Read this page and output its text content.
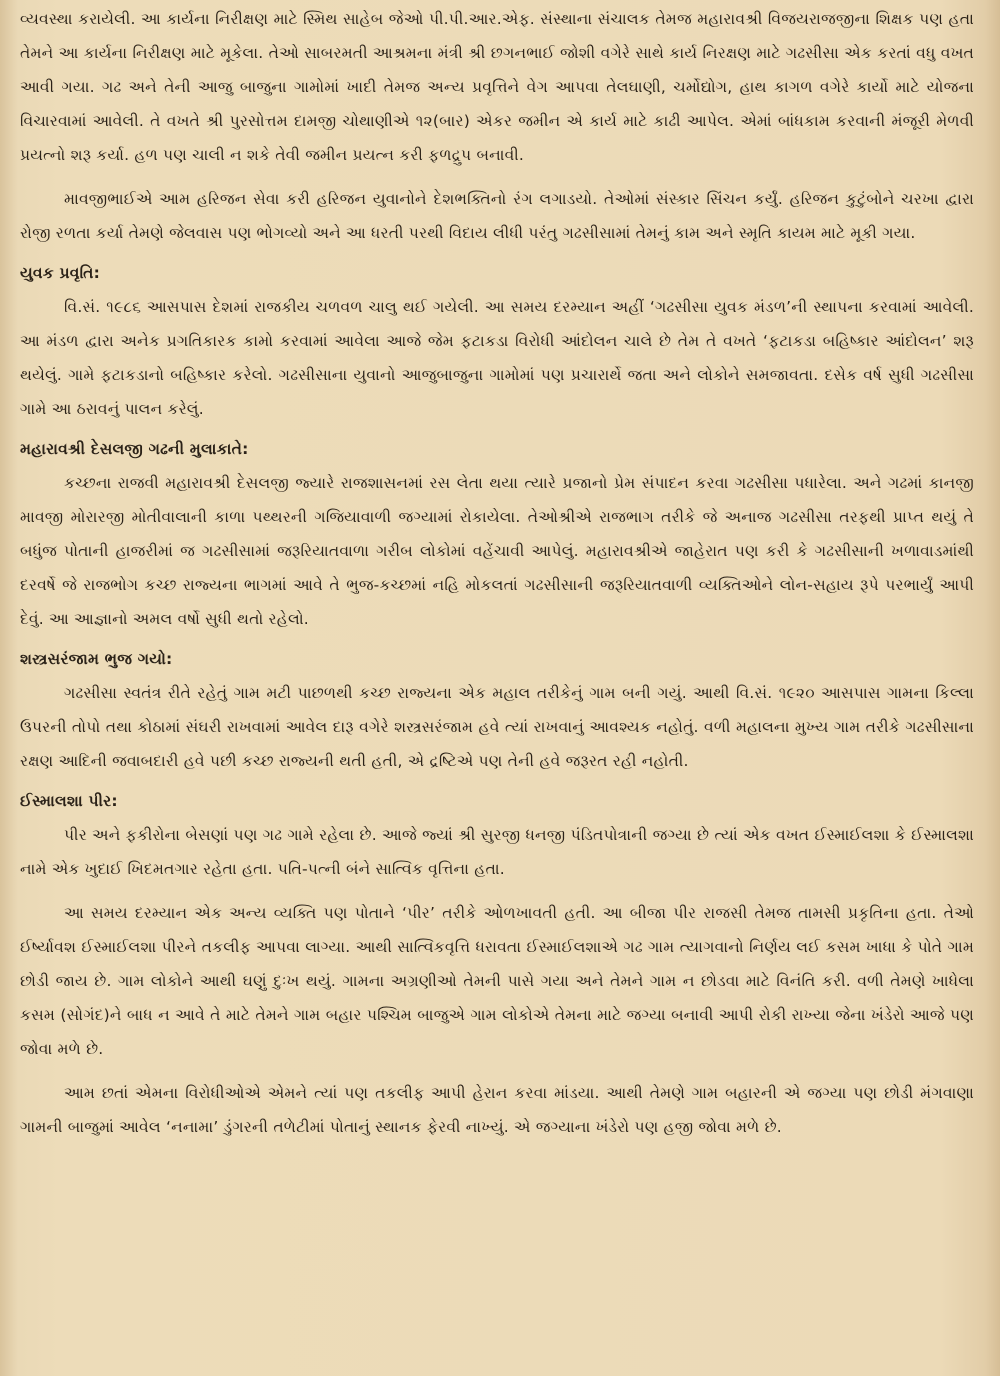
વ્યવસ્થા કરાયેલી. આ કાર્યના નિરીક્ષણ માટે સ્મિથ સાહેબ જેઓ પી.પી.આર.એફ. સંસ્થાના સંચાલક તેમજ મહારાવશ્રી વિજયરાજજીના શિક્ષક પણ હતા તેમને આ કાર્યના નિરીક્ષણ માટે મૂકેલા. તેઓ સાબરમતી આશ્રમના મંત્રી શ્રી છગનભાઈ જોશી વગેરે સાથે કાર્ય નિરક્ષણ માટે ગઢસીસા એક કરતાં વધુ વખત આવી ગયા. ગઢ અને તેની આજુ બાજુના ગામોમાં ખાદી તેમજ અન્ય પ્રવૃત્તિને વેગ આપવા તેલઘાણી, ચર્મોદ્યોગ, હાથ કાગળ વગેરે કાર્યો માટે યોજના વિચારવામાં આવેલી. તે વખતે શ્રી પુરસોત્તમ દામજી ચોથાણીએ ૧૨(બાર) એકર જમીન એ કાર્ય માટે કાઢી આપેલ. એમાં બાંધકામ કરવાની મંજૂરી મેળવી પ્રયત્નો શરૂ કર્યા. હળ પણ ચાલી ન શકે તેવી જમીન પ્રયત્ન કરી ફળદ્રુપ બનાવી.

માવજીભાઈએ આમ હરિજન સેવા કરી હરિજન યુવાનોને દેશભક્તિનો રંગ લગાડયો. તેઓમાં સંસ્કાર સિંચન કર્યું. હરિજન કુટુંબોને ચરખા દ્વારા રોજી રળતા કર્યા તેમણે જેલવાસ પણ ભોગવ્યો અને આ ધરતી પરથી વિદાય લીધી પરંતુ ગઢસીસામાં તેમનું કામ અને સ્મૃતિ કાયમ માટે મૂકી ગયા.

યુવક પ્રવૃતિ:

વિ.સં. ૧૯૮૬ આસપાસ દેશમાં રાજકીય ચળવળ ચાલુ થઈ ગયેલી. આ સમય દરમ્યાન અહીં ‘ગઢસીસા યુવક મંડળ’ની સ્થાપના કરવામાં આવેલી. આ મંડળ દ્વારા અનેક પ્રગતિકારક કામો કરવામાં આવેલા આજે જેમ ફટાકડા વિરોધી આંદોલન ચાલે છે તેમ તે વખતે ‘ફટાકડા બહિષ્કાર આંદોલન’ શરૂ થયેલું. ગામે ફટાકડાનો બહિષ્કાર કરેલો. ગઢસીસાના યુવાનો આજુબાજુના ગામોમાં પણ પ્રચારાર્થે જતા અને લોકોને સમજાવતા. દસેક વર્ષ સુધી ગઢસીસા ગામે આ ઠરાવનું પાલન કરેલું.

મહારાવશ્રી દેસલજી ગઢની મુલાકાતે:

કચ્છના રાજવી મહારાવશ્રી દેસલજી જ્યારે રાજશાસનમાં રસ લેતા થયા ત્યારે પ્રજાનો પ્રેમ સંપાદન કરવા ગઢસીસા પધારેલા. અને ગઢમાં કાનજી માવજી મોરારજી મોતીવાલાની કાળા પથ્થરની ગજિયાવાળી જગ્યામાં રોકાયેલા. તેઓશ્રીએ રાજભાગ તરીકે જે અનાજ ગઢસીસા તરફથી પ્રાપ્ત થયું તે બધુંજ પોતાની હાજરીમાં જ ગઢસીસામાં જરૂરિયાતવાળા ગરીબ લોકોમાં વહેંચાવી આપેલું. મહારાવશ્રીએ જાહેરાત પણ કરી કે ગઢસીસાની ખળાવાડમાંથી દરવર્ષે જે રાજભોગ કચ્છ રાજ્યના ભાગમાં આવે તે ભુજ-કચ્છમાં નહિ મોકલતાં ગઢસીસાની જરૂરિયાતવાળી વ્યક્તિઓને લોન-સહાય રૂપે પરભાર્યું આપી દેવું. આ આજ્ઞાનો અમલ વર્ષો સુધી થતો રહેલો.

શસ્ત્રસરંજામ ભુજ ગયો:

ગઢસીસા સ્વતંત્ર રીતે રહેતું ગામ મટી પાછળથી કચ્છ રાજ્યના એક મહાલ તરીકેનું ગામ બની ગયું. આથી વિ.સં. ૧૯૨૦ આસપાસ ગામના કિલ્લા ઉપરની તોપો તથા કોઠામાં સંઘરી રાખવામાં આવેલ દારૂ વગેરે શસ્ત્રસરંજામ હવે ત્યાં રાખવાનું આવશ્યક નહોતું. વળી મહાલના મુખ્ય ગામ તરીકે ગઢસીસાના રક્ષણ આદિની જવાબદારી હવે પછી કચ્છ રાજ્યની થતી હતી, એ દ્રષ્ટિએ પણ તેની હવે જરૂરત રહી નહોતી.

ઈસ્માલશા પીર:

પીર અને ફકીરોના બેસણાં પણ ગઢ ગામે રહેલા છે. આજે જ્યાં શ્રી સુરજી ધનજી પંડિતપોત્રાની જગ્યા છે ત્યાં એક વખત ઈસ્માઈલશા કે ઈસ્માલશા નામે એક ખુદાઈ ખિદમતગાર રહેતા હતા. પતિ-પત્ની બંને સાત્વિક વૃત્તિના હતા.

આ સમય દરમ્યાન એક અન્ય વ્યક્તિ પણ પોતાને ‘પીર’ તરીકે ઓળખાવતી હતી. આ બીજા પીર રાજસી તેમજ તામસી પ્રકૃતિના હતા. તેઓ ઈર્ષ્યાવશ ઈસ્માઈલશા પીરને તકલીફ આપવા લાગ્યા. આથી સાત્વિકવૃત્તિ ધરાવતા ઈસ્માઈલશાએ ગઢ ગામ ત્યાગવાનો નિર્ણય લઈ કસમ ખાધા કે પોતે ગામ છોડી જાય છે. ગામ લોકોને આથી ઘણું દુઃખ થયું. ગામના અગ્રણીઓ તેમની પાસે ગયા અને તેમને ગામ ન છોડવા માટે વિનંતિ કરી. વળી તેમણે ખાધેલા કસમ (સોગંદ)ને બાધ ન આવે તે માટે તેમને ગામ બહાર પશ્ચિમ બાજુએ ગામ લોકોએ તેમના માટે જગ્યા બનાવી આપી રોકી રાખ્યા જેના ખંડેરો આજે પણ જોવા મળે છે.

આમ છતાં એમના વિરોધીઓએ એમને ત્યાં પણ તકલીફ આપી હેરાન કરવા માંડયા. આથી તેમણે ગામ બહારની એ જગ્યા પણ છોડી મંગવાણા ગામની બાજુમાં આવેલ ‘નનામા’ ડુંગરની તળેટીમાં પોતાનું સ્થાનક ફેરવી નાખ્યું. એ જગ્યાના ખંડેરો પણ હજી જોવા મળે છે.
